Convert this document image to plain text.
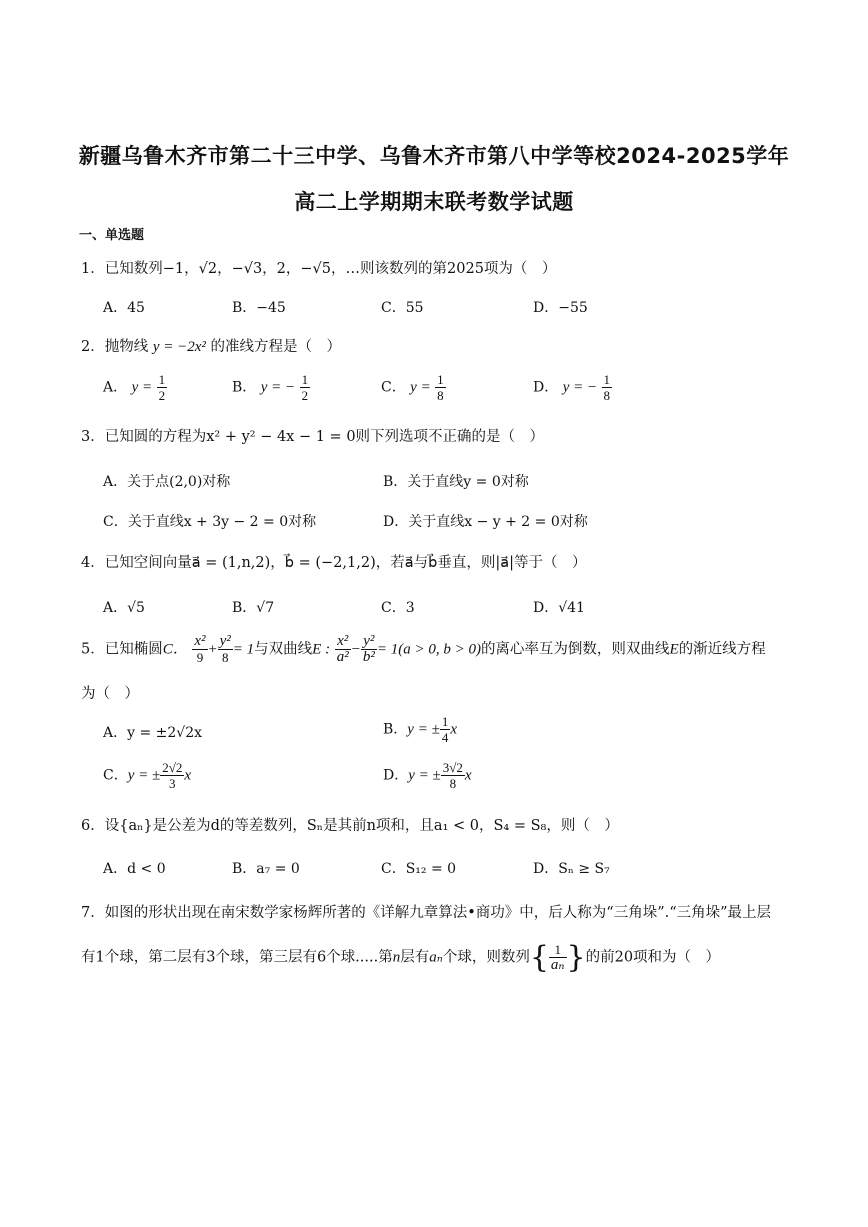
新疆乌鲁木齐市第二十三中学、乌鲁木齐市第八中学等校2024-2025学年
高二上学期期末联考数学试题
一、单选题
1．已知数列−1，√2，−√3，2，−√5，…则该数列的第2025项为（　）
A．45	B．−45	C．55	D．−55
2．抛物线 y = −2x² 的准线方程是（　）
A． $y = \frac{1}{2}$	B． y = − $\frac{1}{2}$	C． $y = \frac{1}{8}$	D． y = − $\frac{1}{8}$
3．已知圆的方程为x² + y² − 4x − 1 = 0则下列选项不正确的是（　）
A．关于点(2,0)对称	B．关于直线y = 0对称
C．关于直线x + 3y − 2 = 0对称	D．关于直线x − y + 2 = 0对称
4．已知空间向量a⃗ = (1,n,2)，b⃗ = (−2,1,2)，若a⃗与b⃗垂直，则|a⃗|等于（　）
A．√5	B．√7	C．3	D．√41
5．已知椭圆C． $\frac{\text{x²}}{9} + \frac{\text{y²}}{8} = 1$与双曲线E : $\frac{\text{x²}}{\text{a²}} - \frac{\text{y²}}{\text{b²}} = 1(a > 0$, b > 0)的离心率互为倒数，则双曲线E的渐近线方程
为（　）
A．y = ±2√2x	B．y = ± $\frac{1}{4}$ x
C．y = ± $\frac{2√2}{3}$ x	D．y = ± $\frac{3√2}{8}$ x
6．设{aₙ}是公差为d的等差数列，Sₙ是其前n项和，且a₁ < 0，S₄ = S₈，则（　）
A．d < 0	B．a₇ = 0	C．S₁₂ = 0	D．Sₙ ≥ S₇
7．如图的形状出现在南宋数学家杨辉所著的《详解九章算法•商功》中，后人称为“三角垛”.“三角垛”最上层
有1个球，第二层有3个球，第三层有6个球.....第n层有aₙ个球，则数列{ $\frac{1}{\text{aₙ}}$ }的前20项和为（　）
